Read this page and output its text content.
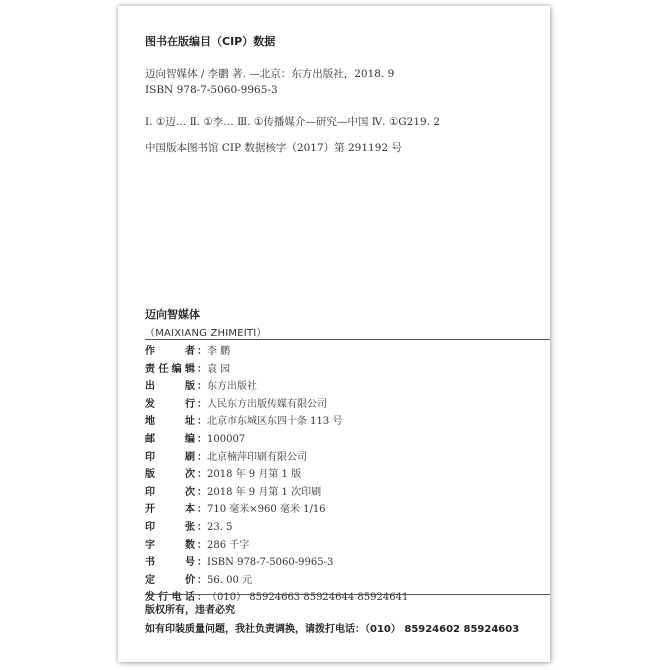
图书在版编目（CIP）数据
迈向智媒体 / 李鹏 著. —北京：东方出版社，2018. 9
ISBN 978-7-5060-9965-3
Ⅰ. ①迈… Ⅱ. ①李… Ⅲ. ①传播媒介—研究—中国 Ⅳ. ①G219. 2
中国版本图书馆 CIP 数据核字（2017）第 291192 号
迈向智媒体
（MAIXIANG ZHIMEITI）
作者 ： 李 鹏
责任编辑 ： 袁 园
出版 ： 东方出版社
发行 ： 人民东方出版传媒有限公司
地址 ： 北京市东城区东四十条 113 号
邮编 ： 100007
印刷 ： 北京楠萍印刷有限公司
版次 ： 2018 年 9 月第 1 版
印次 ： 2018 年 9 月第 1 次印刷
开本 ： 710 毫米×960 毫米 1/16
印张 ： 23. 5
字数 ： 286 千字
书号 ： ISBN 978-7-5060-9965-3
定价 ： 56. 00 元
发行电话 ： （010） 85924663 85924644 85924641
版权所有，违者必究
如有印装质量问题，我社负责调换，请拨打电话：（010） 85924602 85924603
